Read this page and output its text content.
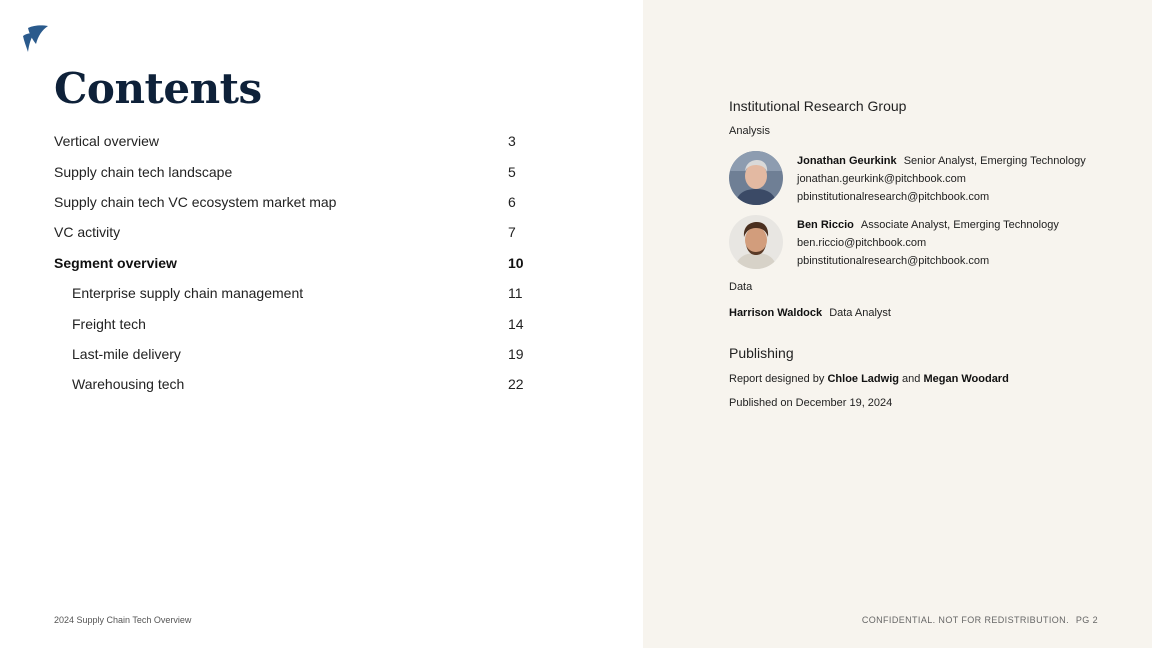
Contents
Vertical overview	3
Supply chain tech landscape	5
Supply chain tech VC ecosystem market map	6
VC activity	7
Segment overview	10
Enterprise supply chain management	11
Freight tech	14
Last-mile delivery	19
Warehousing tech	22
2024 Supply Chain Tech Overview
Institutional Research Group
Analysis
Jonathan Geurkink Senior Analyst, Emerging Technology
jonathan.geurkink@pitchbook.com
pbinstitutionalresearch@pitchbook.com
Ben Riccio Associate Analyst, Emerging Technology
ben.riccio@pitchbook.com
pbinstitutionalresearch@pitchbook.com
Data
Harrison Waldock Data Analyst
Publishing
Report designed by Chloe Ladwig and Megan Woodard
Published on December 19, 2024
CONFIDENTIAL. NOT FOR REDISTRIBUTION. PG 2
